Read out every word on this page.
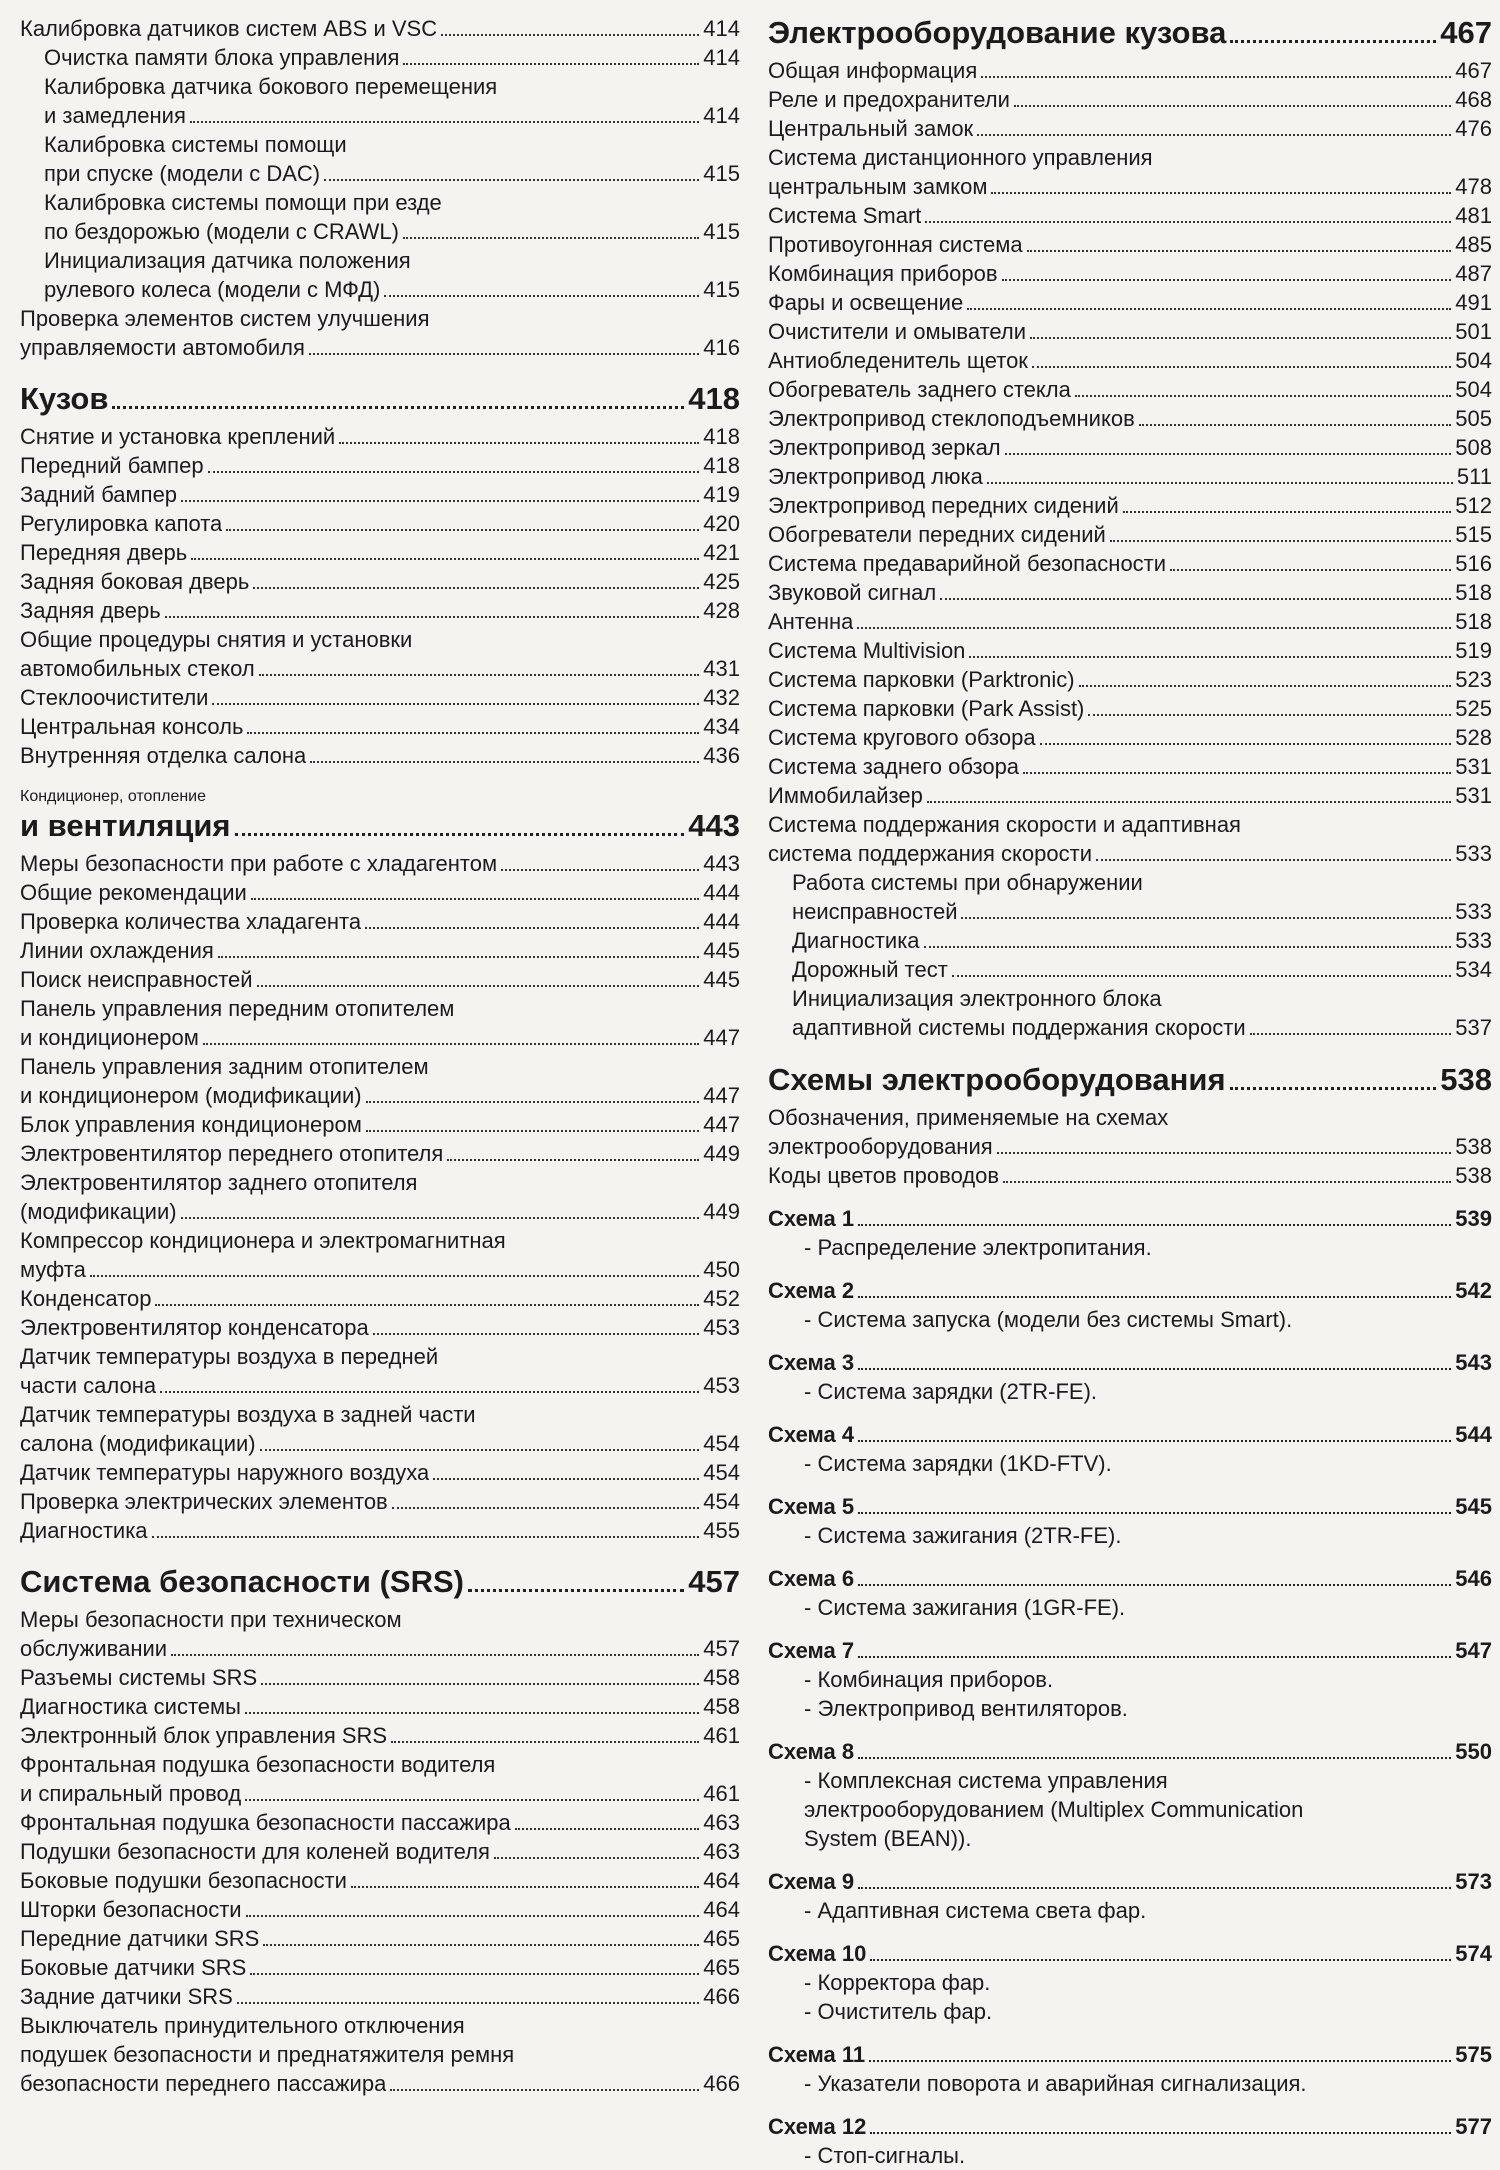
Калибровка датчиков систем ABS и VSC	414
Очистка памяти блока управления	414
Калибровка датчика бокового перемещения
и замедления	414
Калибровка системы помощи
при спуске (модели с DAC)	415
Калибровка системы помощи при езде
по бездорожью (модели с CRAWL)	415
Инициализация датчика положения
рулевого колеса (модели с МФД)	415
Проверка элементов систем улучшения
управляемости автомобиля	416
Кузов	418
Снятие и установка креплений	418
Передний бампер	418
Задний бампер	419
Регулировка капота	420
Передняя дверь	421
Задняя боковая дверь	425
Задняя дверь	428
Общие процедуры снятия и установки
автомобильных стекол	431
Стеклоочистители	432
Центральная консоль	434
Внутренняя отделка салона	436
Кондиционер, отопление
и вентиляция	443
Меры безопасности при работе с хладагентом	443
Общие рекомендации	444
Проверка количества хладагента	444
Линии охлаждения	445
Поиск неисправностей	445
Панель управления передним отопителем
и кондиционером	447
Панель управления задним отопителем
и кондиционером (модификации)	447
Блок управления кондиционером	447
Электровентилятор переднего отопителя	449
Электровентилятор заднего отопителя
(модификации)	449
Компрессор кондиционера и электромагнитная
муфта	450
Конденсатор	452
Электровентилятор конденсатора	453
Датчик температуры воздуха в передней
части салона	453
Датчик температуры воздуха в задней части
салона (модификации)	454
Датчик температуры наружного воздуха	454
Проверка электрических элементов	454
Диагностика	455
Система безопасности (SRS)	457
Меры безопасности при техническом
обслуживании	457
Разъемы системы SRS	458
Диагностика системы	458
Электронный блок управления SRS	461
Фронтальная подушка безопасности водителя
и спиральный провод	461
Фронтальная подушка безопасности пассажира	463
Подушки безопасности для коленей водителя	463
Боковые подушки безопасности	464
Шторки безопасности	464
Передние датчики SRS	465
Боковые датчики SRS	465
Задние датчики SRS	466
Выключатель принудительного отключения
подушек безопасности и преднатяжителя ремня
безопасности переднего пассажира	466
Электрооборудование кузова	467
Общая информация	467
Реле и предохранители	468
Центральный замок	476
Система дистанционного управления
центральным замком	478
Система Smart	481
Противоугонная система	485
Комбинация приборов	487
Фары и освещение	491
Очистители и омыватели	501
Антиобледенитель щеток	504
Обогреватель заднего стекла	504
Электропривод стеклоподъемников	505
Электропривод зеркал	508
Электропривод люка	511
Электропривод передних сидений	512
Обогреватели передних сидений	515
Система предаварийной безопасности	516
Звуковой сигнал	518
Антенна	518
Система Multivision	519
Система парковки (Parktronic)	523
Система парковки (Park Assist)	525
Система кругового обзора	528
Система заднего обзора	531
Иммобилайзер	531
Система поддержания скорости и адаптивная
система поддержания скорости	533
Работа системы при обнаружении
неисправностей	533
Диагностика	533
Дорожный тест	534
Инициализация электронного блока
адаптивной системы поддержания скорости	537
Схемы электрооборудования	538
Обозначения, применяемые на схемах
электрооборудования	538
Коды цветов проводов	538
Схема 1	539
- Распределение электропитания.
Схема 2	542
- Система запуска (модели без системы Smart).
Схема 3	543
- Система зарядки (2TR-FE).
Схема 4	544
- Система зарядки (1KD-FTV).
Схема 5	545
- Система зажигания (2TR-FE).
Схема 6	546
- Система зажигания (1GR-FE).
Схема 7	547
- Комбинация приборов.
- Электропривод вентиляторов.
Схема 8	550
- Комплексная система управления
электрооборудованием (Multiplex Communication
System (BEAN)).
Схема 9	573
- Адаптивная система света фар.
Схема 10	574
- Корректора фар.
- Очиститель фар.
Схема 11	575
- Указатели поворота и аварийная сигнализация.
Схема 12	577
- Стоп-сигналы.
